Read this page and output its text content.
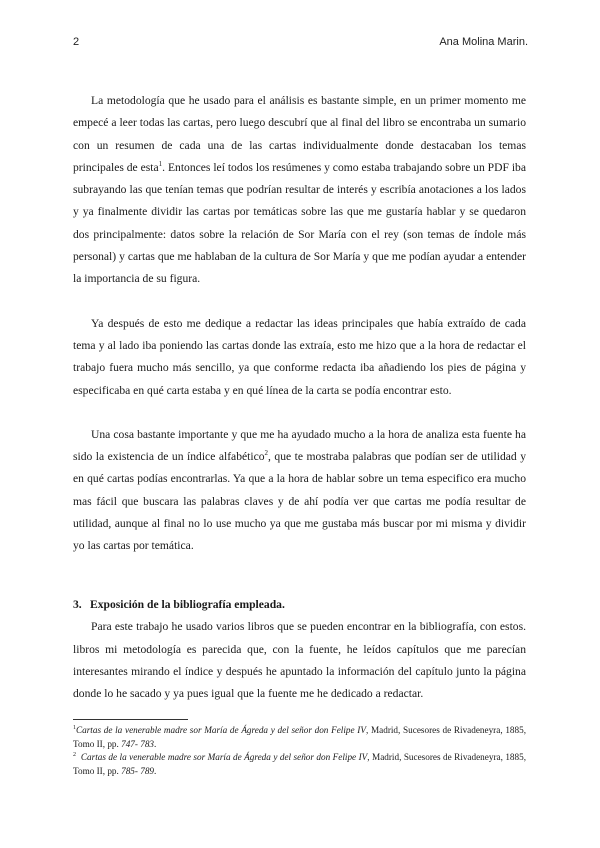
2	Ana Molina Marin.

La metodología que he usado para el análisis es bastante simple, en un primer momento me empecé a leer todas las cartas, pero luego descubrí que al final del libro se encontraba un sumario con un resumen de cada una de las cartas individualmente donde destacaban los temas principales de esta$^1$. Entonces leí todos los resúmenes y como estaba trabajando sobre un PDF iba subrayando las que tenían temas que podrían resultar de interés y escribía anotaciones a los lados y ya finalmente dividir las cartas por temáticas sobre las que me gustaría hablar y se quedaron dos principalmente: datos sobre la relación de Sor María con el rey (son temas de índole más personal) y cartas que me hablaban de la cultura de Sor María y que me podían ayudar a entender la importancia de su figura.

Ya después de esto me dedique a redactar las ideas principales que había extraído de cada tema y al lado iba poniendo las cartas donde las extraía, esto me hizo que a la hora de redactar el trabajo fuera mucho más sencillo, ya que conforme redacta iba añadiendo los pies de página y especificaba en qué carta estaba y en qué línea de la carta se podía encontrar esto.

Una cosa bastante importante y que me ha ayudado mucho a la hora de analiza esta fuente ha sido la existencia de un índice alfabético$^2$, que te mostraba palabras que podían ser de utilidad y en qué cartas podías encontrarlas. Ya que a la hora de hablar sobre un tema especifico era mucho mas fácil que buscara las palabras claves y de ahí podía ver que cartas me podía resultar de utilidad, aunque al final no lo use mucho ya que me gustaba más buscar por mi misma y dividir yo las cartas por temática.

3. Exposición de la bibliografía empleada.

Para este trabajo he usado varios libros que se pueden encontrar en la bibliografía, con estos. libros mi metodología es parecida que, con la fuente, he leídos capítulos que me parecían interesantes mirando el índice y después he apuntado la información del capítulo junto la página donde lo he sacado y ya pues igual que la fuente me he dedicado a redactar.

$^1$Cartas de la venerable madre sor María de Ágreda y del señor don Felipe IV, Madrid, Sucesores de Rivadeneyra, 1885, Tomo II, pp. 747- 783.

$^2$ Cartas de la venerable madre sor María de Ágreda y del señor don Felipe IV, Madrid, Sucesores de Rivadeneyra, 1885, Tomo II, pp. 785- 789.
